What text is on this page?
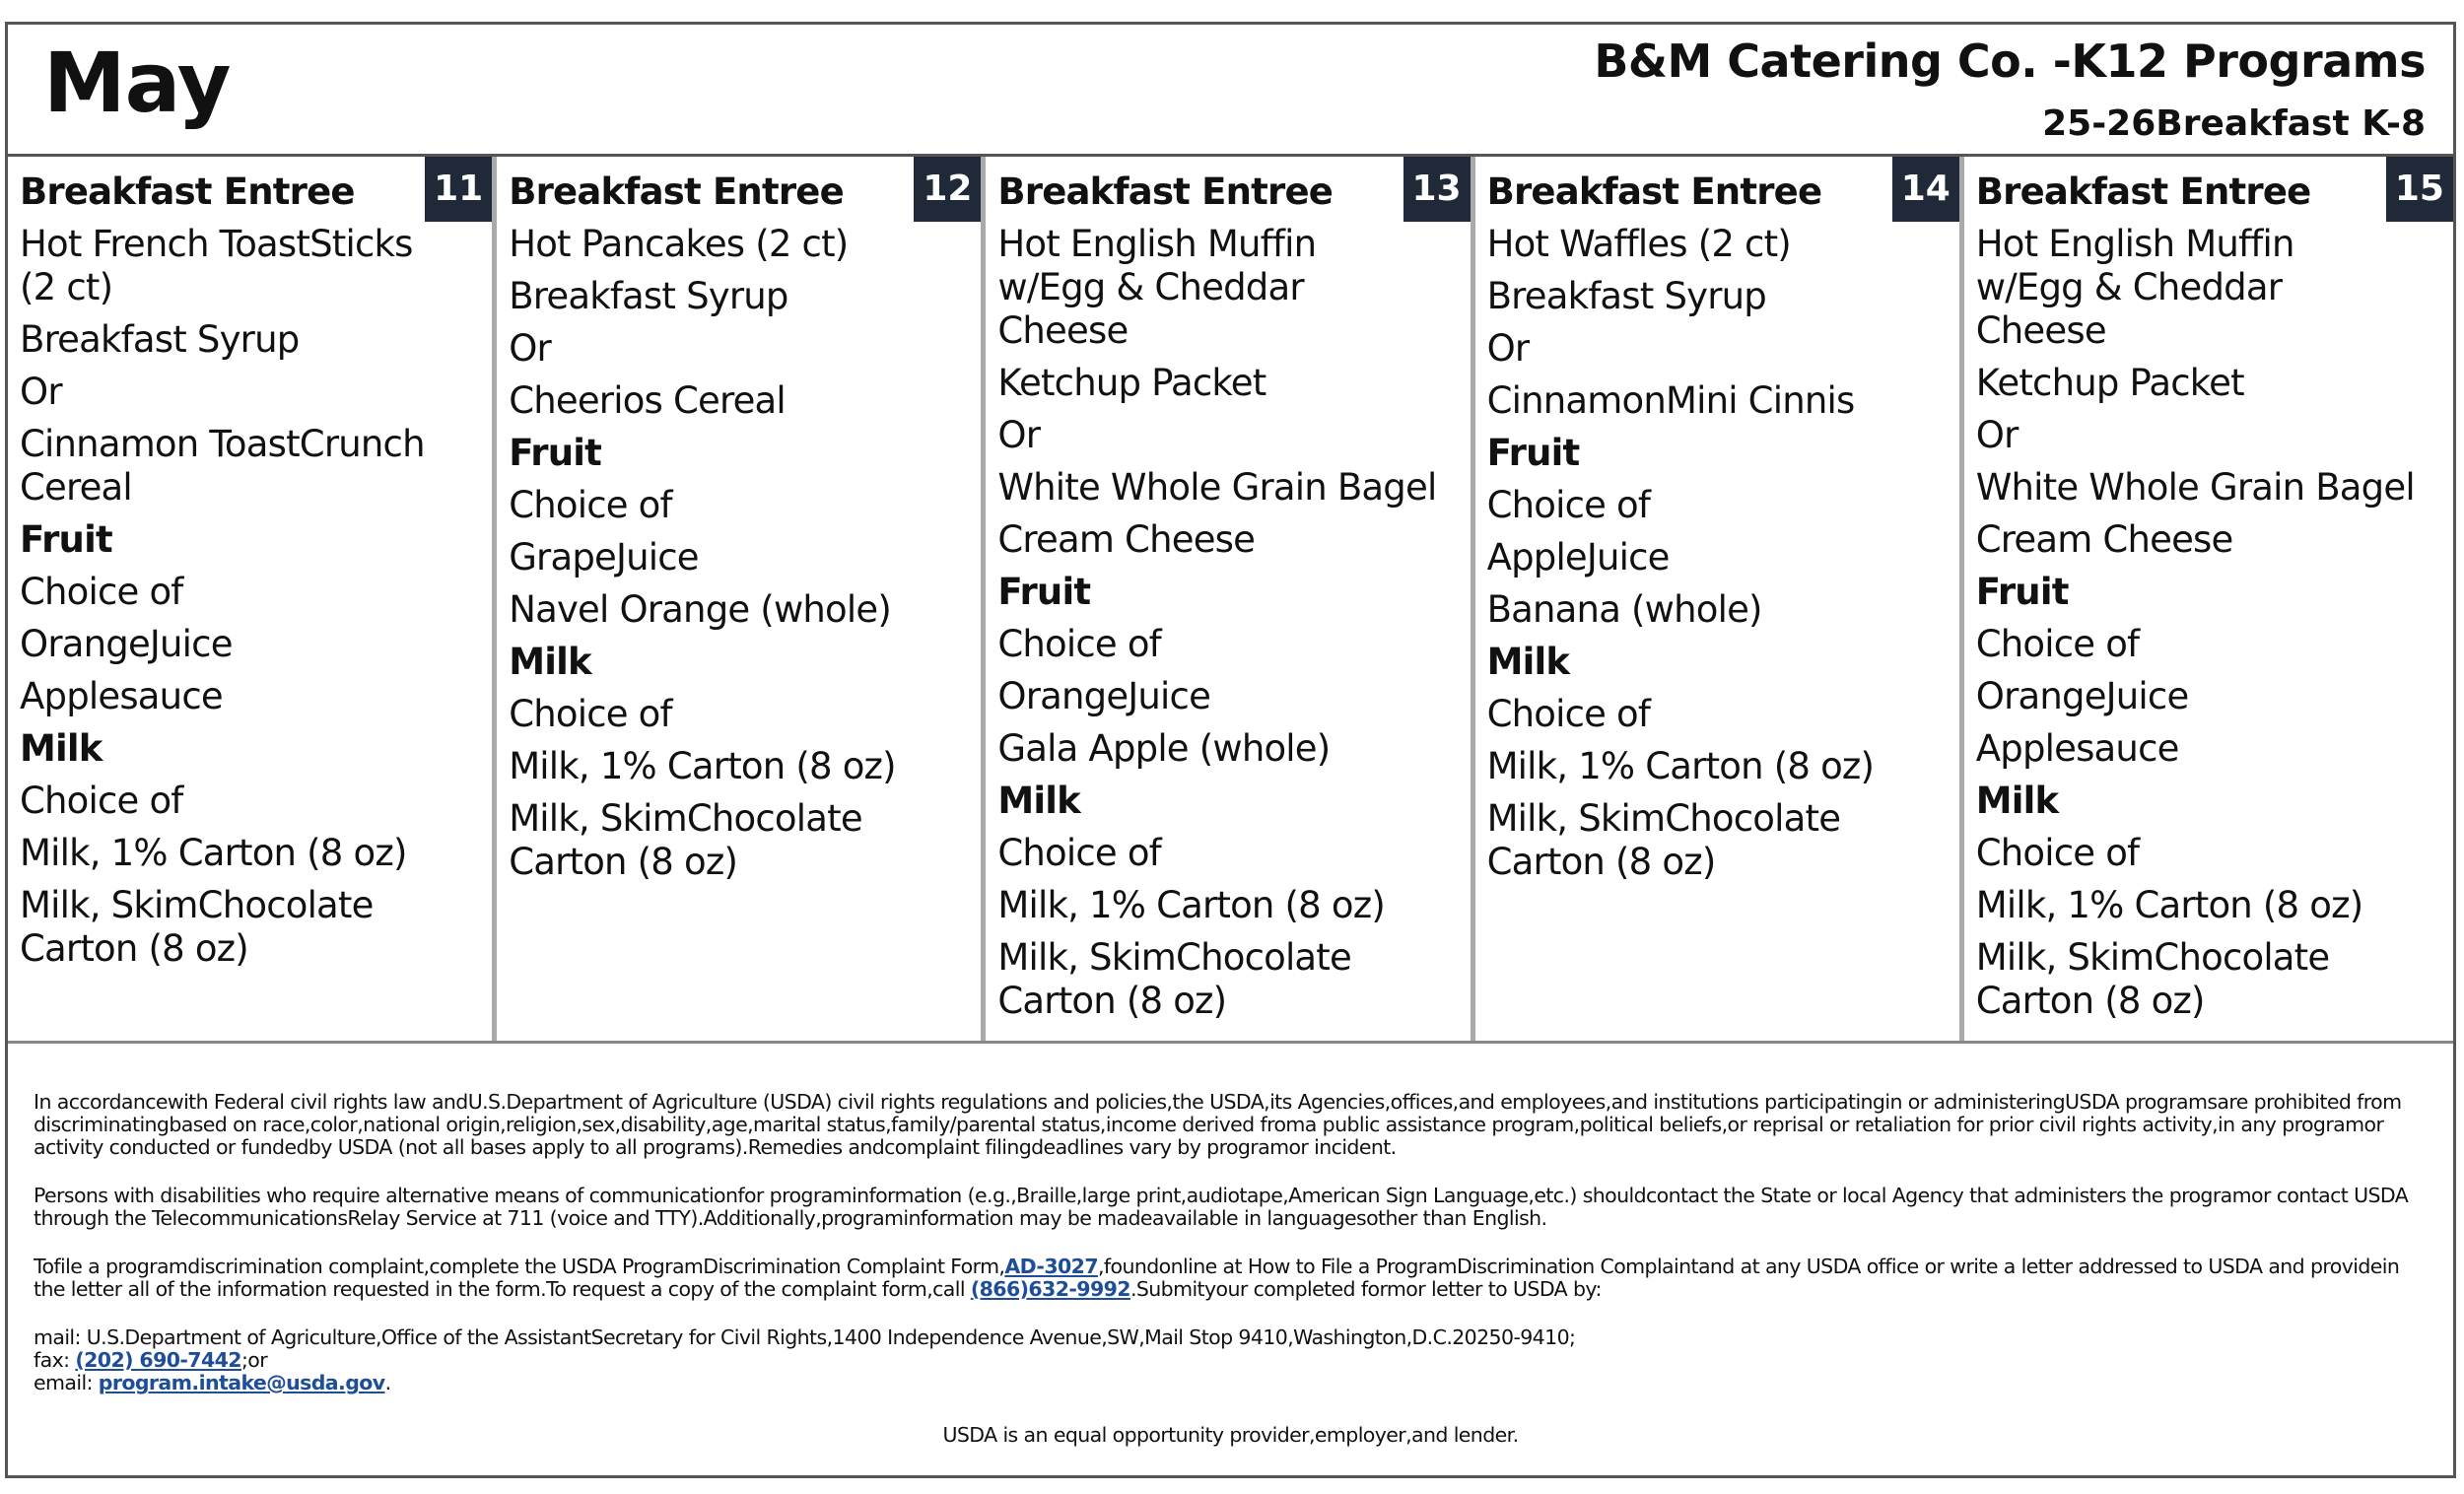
May	B&M Catering Co. -K12 Programs
25-26Breakfast K-8
11
Breakfast Entree
Hot French ToastSticks (2 ct)
Breakfast Syrup
Or
Cinnamon ToastCrunch Cereal
Fruit
Choice of
OrangeJuice
Applesauce
Milk
Choice of
Milk, 1% Carton (8 oz)
Milk, SkimChocolate Carton (8 oz)
12
Breakfast Entree
Hot Pancakes (2 ct)
Breakfast Syrup
Or
Cheerios Cereal
Fruit
Choice of
GrapeJuice
Navel Orange (whole)
Milk
Choice of
Milk, 1% Carton (8 oz)
Milk, SkimChocolate Carton (8 oz)
13
Breakfast Entree
Hot English Muffin w/Egg & Cheddar Cheese
Ketchup Packet
Or
White Whole Grain Bagel
Cream Cheese
Fruit
Choice of
OrangeJuice
Gala Apple (whole)
Milk
Choice of
Milk, 1% Carton (8 oz)
Milk, SkimChocolate Carton (8 oz)
14
Breakfast Entree
Hot Waffles (2 ct)
Breakfast Syrup
Or
CinnamonMini Cinnis
Fruit
Choice of
AppleJuice
Banana (whole)
Milk
Choice of
Milk, 1% Carton (8 oz)
Milk, SkimChocolate Carton (8 oz)
15
Breakfast Entree
Hot English Muffin w/Egg & Cheddar Cheese
Ketchup Packet
Or
White Whole Grain Bagel
Cream Cheese
Fruit
Choice of
OrangeJuice
Applesauce
Milk
Choice of
Milk, 1% Carton (8 oz)
Milk, SkimChocolate Carton (8 oz)

In accordancewith Federal civil rights law andU.S.Department of Agriculture (USDA) civil rights regulations and policies,the USDA,its Agencies,offices,and employees,and institutions participatingin or administeringUSDA programsare prohibited from discriminatingbased on race,color,national origin,religion,sex,disability,age,marital status,family/parental status,income derived froma public assistance program,political beliefs,or reprisal or retaliation for prior civil rights activity,in any programor activity conducted or fundedby USDA (not all bases apply to all programs).Remedies andcomplaint filingdeadlines vary by programor incident.

Persons with disabilities who require alternative means of communicationfor programinformation (e.g.,Braille,large print,audiotape,American Sign Language,etc.) shouldcontact the State or local Agency that administers the programor contact USDA through the TelecommunicationsRelay Service at 711 (voice and TTY).Additionally,programinformation may be madeavailable in languagesother than English.

Tofile a programdiscrimination complaint,complete the USDA ProgramDiscrimination Complaint Form,AD-3027,foundonline at How to File a ProgramDiscrimination Complaintand at any USDA office or write a letter addressed to USDA and providein the letter all of the information requested in the form.To request a copy of the complaint form,call (866)632-9992.Submityour completed formor letter to USDA by:

mail: U.S.Department of Agriculture,Office of the AssistantSecretary for Civil Rights,1400 Independence Avenue,SW,Mail Stop 9410,Washington,D.C.20250-9410;

fax: (202) 690-7442;or

email: program.intake@usda.gov.

USDA is an equal opportunity provider,employer,and lender.
